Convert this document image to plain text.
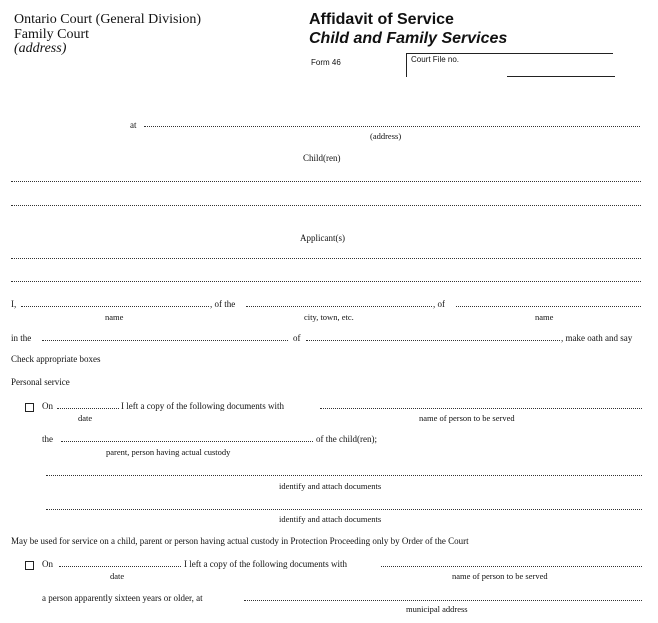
Ontario Court (General Division)
Family Court
(address)
Affidavit of Service
Child and Family Services
Form 46	Court File no.
at
(address)
Child(ren)
Applicant(s)
I,	, of the	, of
name	city, town, etc.	name
in the	of	, make oath and say
Check appropriate boxes
Personal service
On	I left a copy of the following documents with
date	name of person to be served
the	of the child(ren);
parent, person having actual custody
identify and attach documents
identify and attach documents
May be used for service on a child, parent or person having actual custody in Protection Proceeding only by Order of the Court
On	I left a copy of the following documents with
date	name of person to be served
a person apparently sixteen years or older, at
municipal address
